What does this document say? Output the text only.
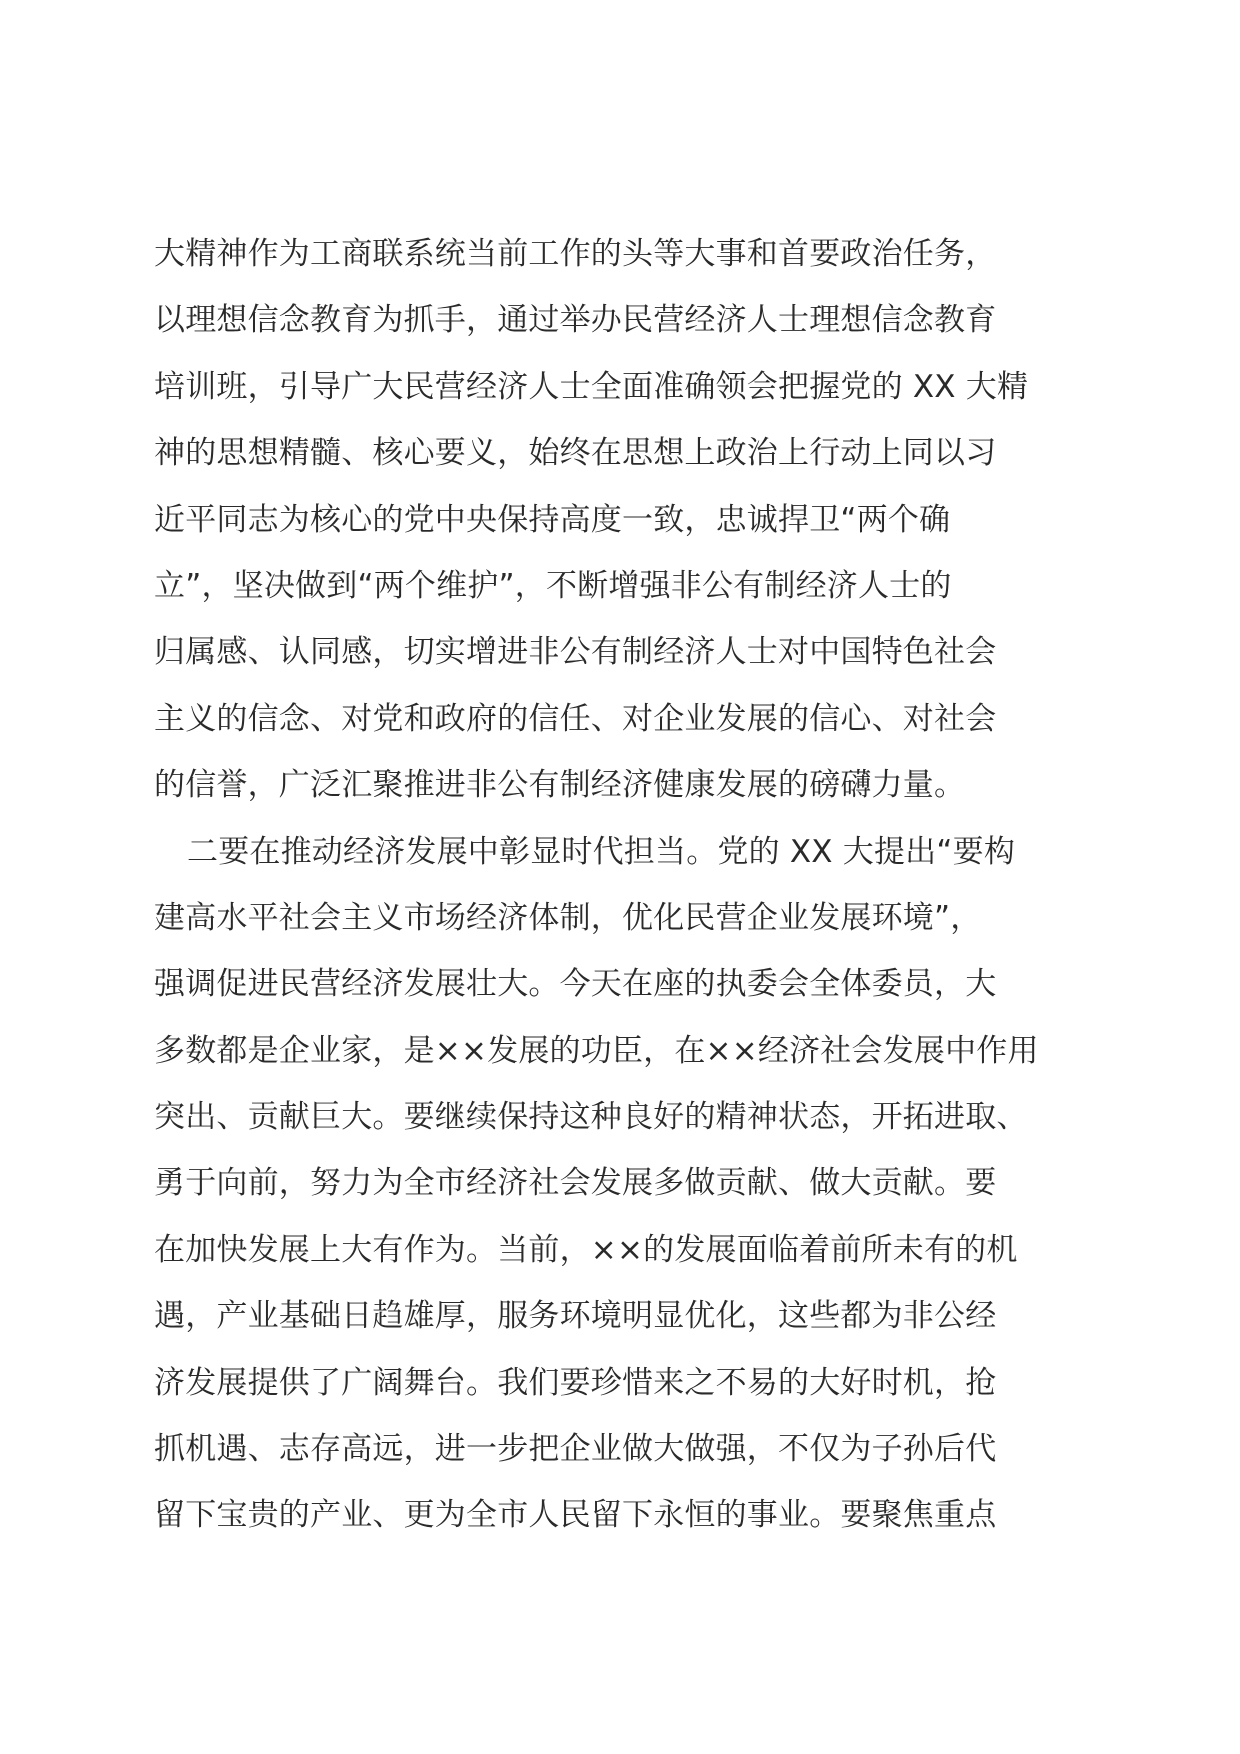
大精神作为工商联系统当前工作的头等大事和首要政治任务，
以理想信念教育为抓手，通过举办民营经济人士理想信念教育
培训班，引导广大民营经济人士全面准确领会把握党的 XX 大精
神的思想精髓、核心要义，始终在思想上政治上行动上同以习
近平同志为核心的党中央保持高度一致，忠诚捍卫“两个确
立”，坚决做到“两个维护”，不断增强非公有制经济人士的
归属感、认同感，切实增进非公有制经济人士对中国特色社会
主义的信念、对党和政府的信任、对企业发展的信心、对社会
的信誉，广泛汇聚推进非公有制经济健康发展的磅礴力量。
二要在推动经济发展中彰显时代担当。党的 XX 大提出“要构
建高水平社会主义市场经济体制，优化民营企业发展环境”，
强调促进民营经济发展壮大。今天在座的执委会全体委员，大
多数都是企业家，是××发展的功臣，在××经济社会发展中作用
突出、贡献巨大。要继续保持这种良好的精神状态，开拓进取、
勇于向前，努力为全市经济社会发展多做贡献、做大贡献。要
在加快发展上大有作为。当前，××的发展面临着前所未有的机
遇，产业基础日趋雄厚，服务环境明显优化，这些都为非公经
济发展提供了广阔舞台。我们要珍惜来之不易的大好时机，抢
抓机遇、志存高远，进一步把企业做大做强，不仅为子孙后代
留下宝贵的产业、更为全市人民留下永恒的事业。要聚焦重点
